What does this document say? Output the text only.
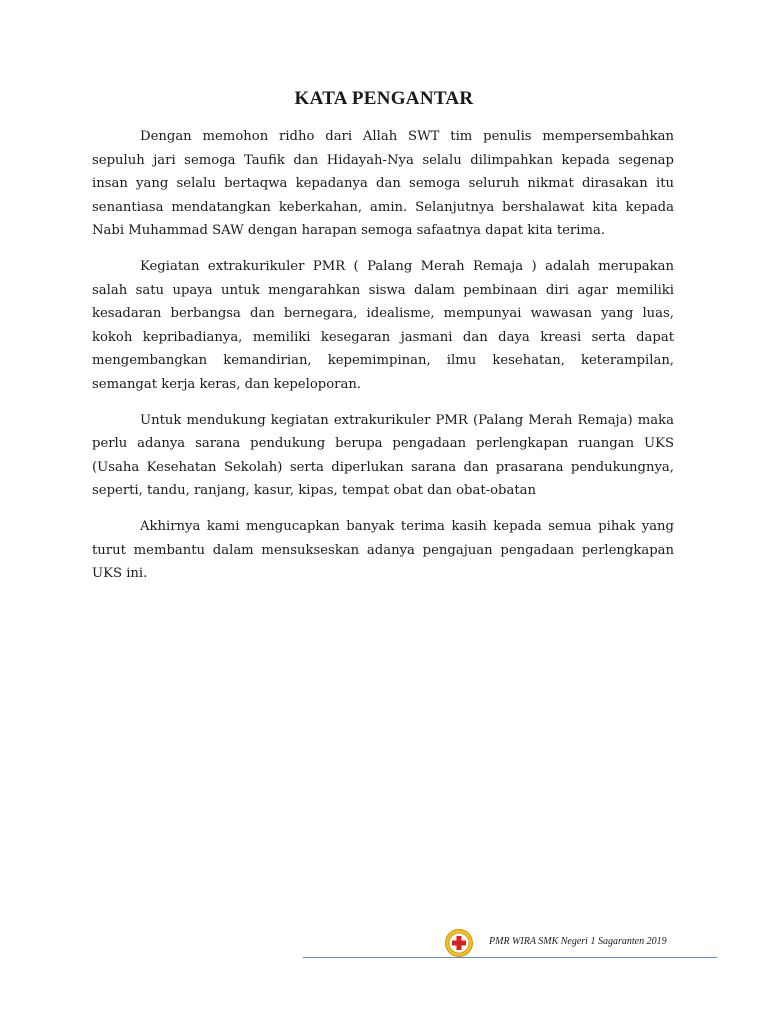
KATA PENGANTAR

Dengan memohon ridho dari Allah SWT tim penulis mempersembahkan sepuluh jari semoga Taufik dan Hidayah-Nya selalu dilimpahkan kepada segenap insan yang selalu bertaqwa kepadanya dan semoga seluruh nikmat dirasakan itu senantiasa mendatangkan keberkahan, amin. Selanjutnya bershalawat kita kepada Nabi Muhammad SAW dengan harapan semoga safaatnya dapat kita terima.

Kegiatan extrakurikuler PMR ( Palang Merah Remaja ) adalah merupakan salah satu upaya untuk mengarahkan siswa dalam pembinaan diri agar memiliki kesadaran berbangsa dan bernegara, idealisme, mempunyai wawasan yang luas, kokoh kepribadianya, memiliki kesegaran jasmani dan daya kreasi serta dapat mengembangkan kemandirian, kepemimpinan, ilmu kesehatan, keterampilan, semangat kerja keras, dan kepeloporan.

Untuk mendukung kegiatan extrakurikuler PMR (Palang Merah Remaja) maka perlu adanya sarana pendukung berupa pengadaan perlengkapan ruangan UKS (Usaha Kesehatan Sekolah) serta diperlukan sarana dan prasarana pendukungnya, seperti, tandu, ranjang, kasur, kipas, tempat obat dan obat-obatan

Akhirnya kami mengucapkan banyak terima kasih kepada semua pihak yang turut membantu dalam mensukseskan adanya pengajuan pengadaan perlengkapan UKS ini.

PMR WIRA SMK Negeri 1 Sagaranten 2019
